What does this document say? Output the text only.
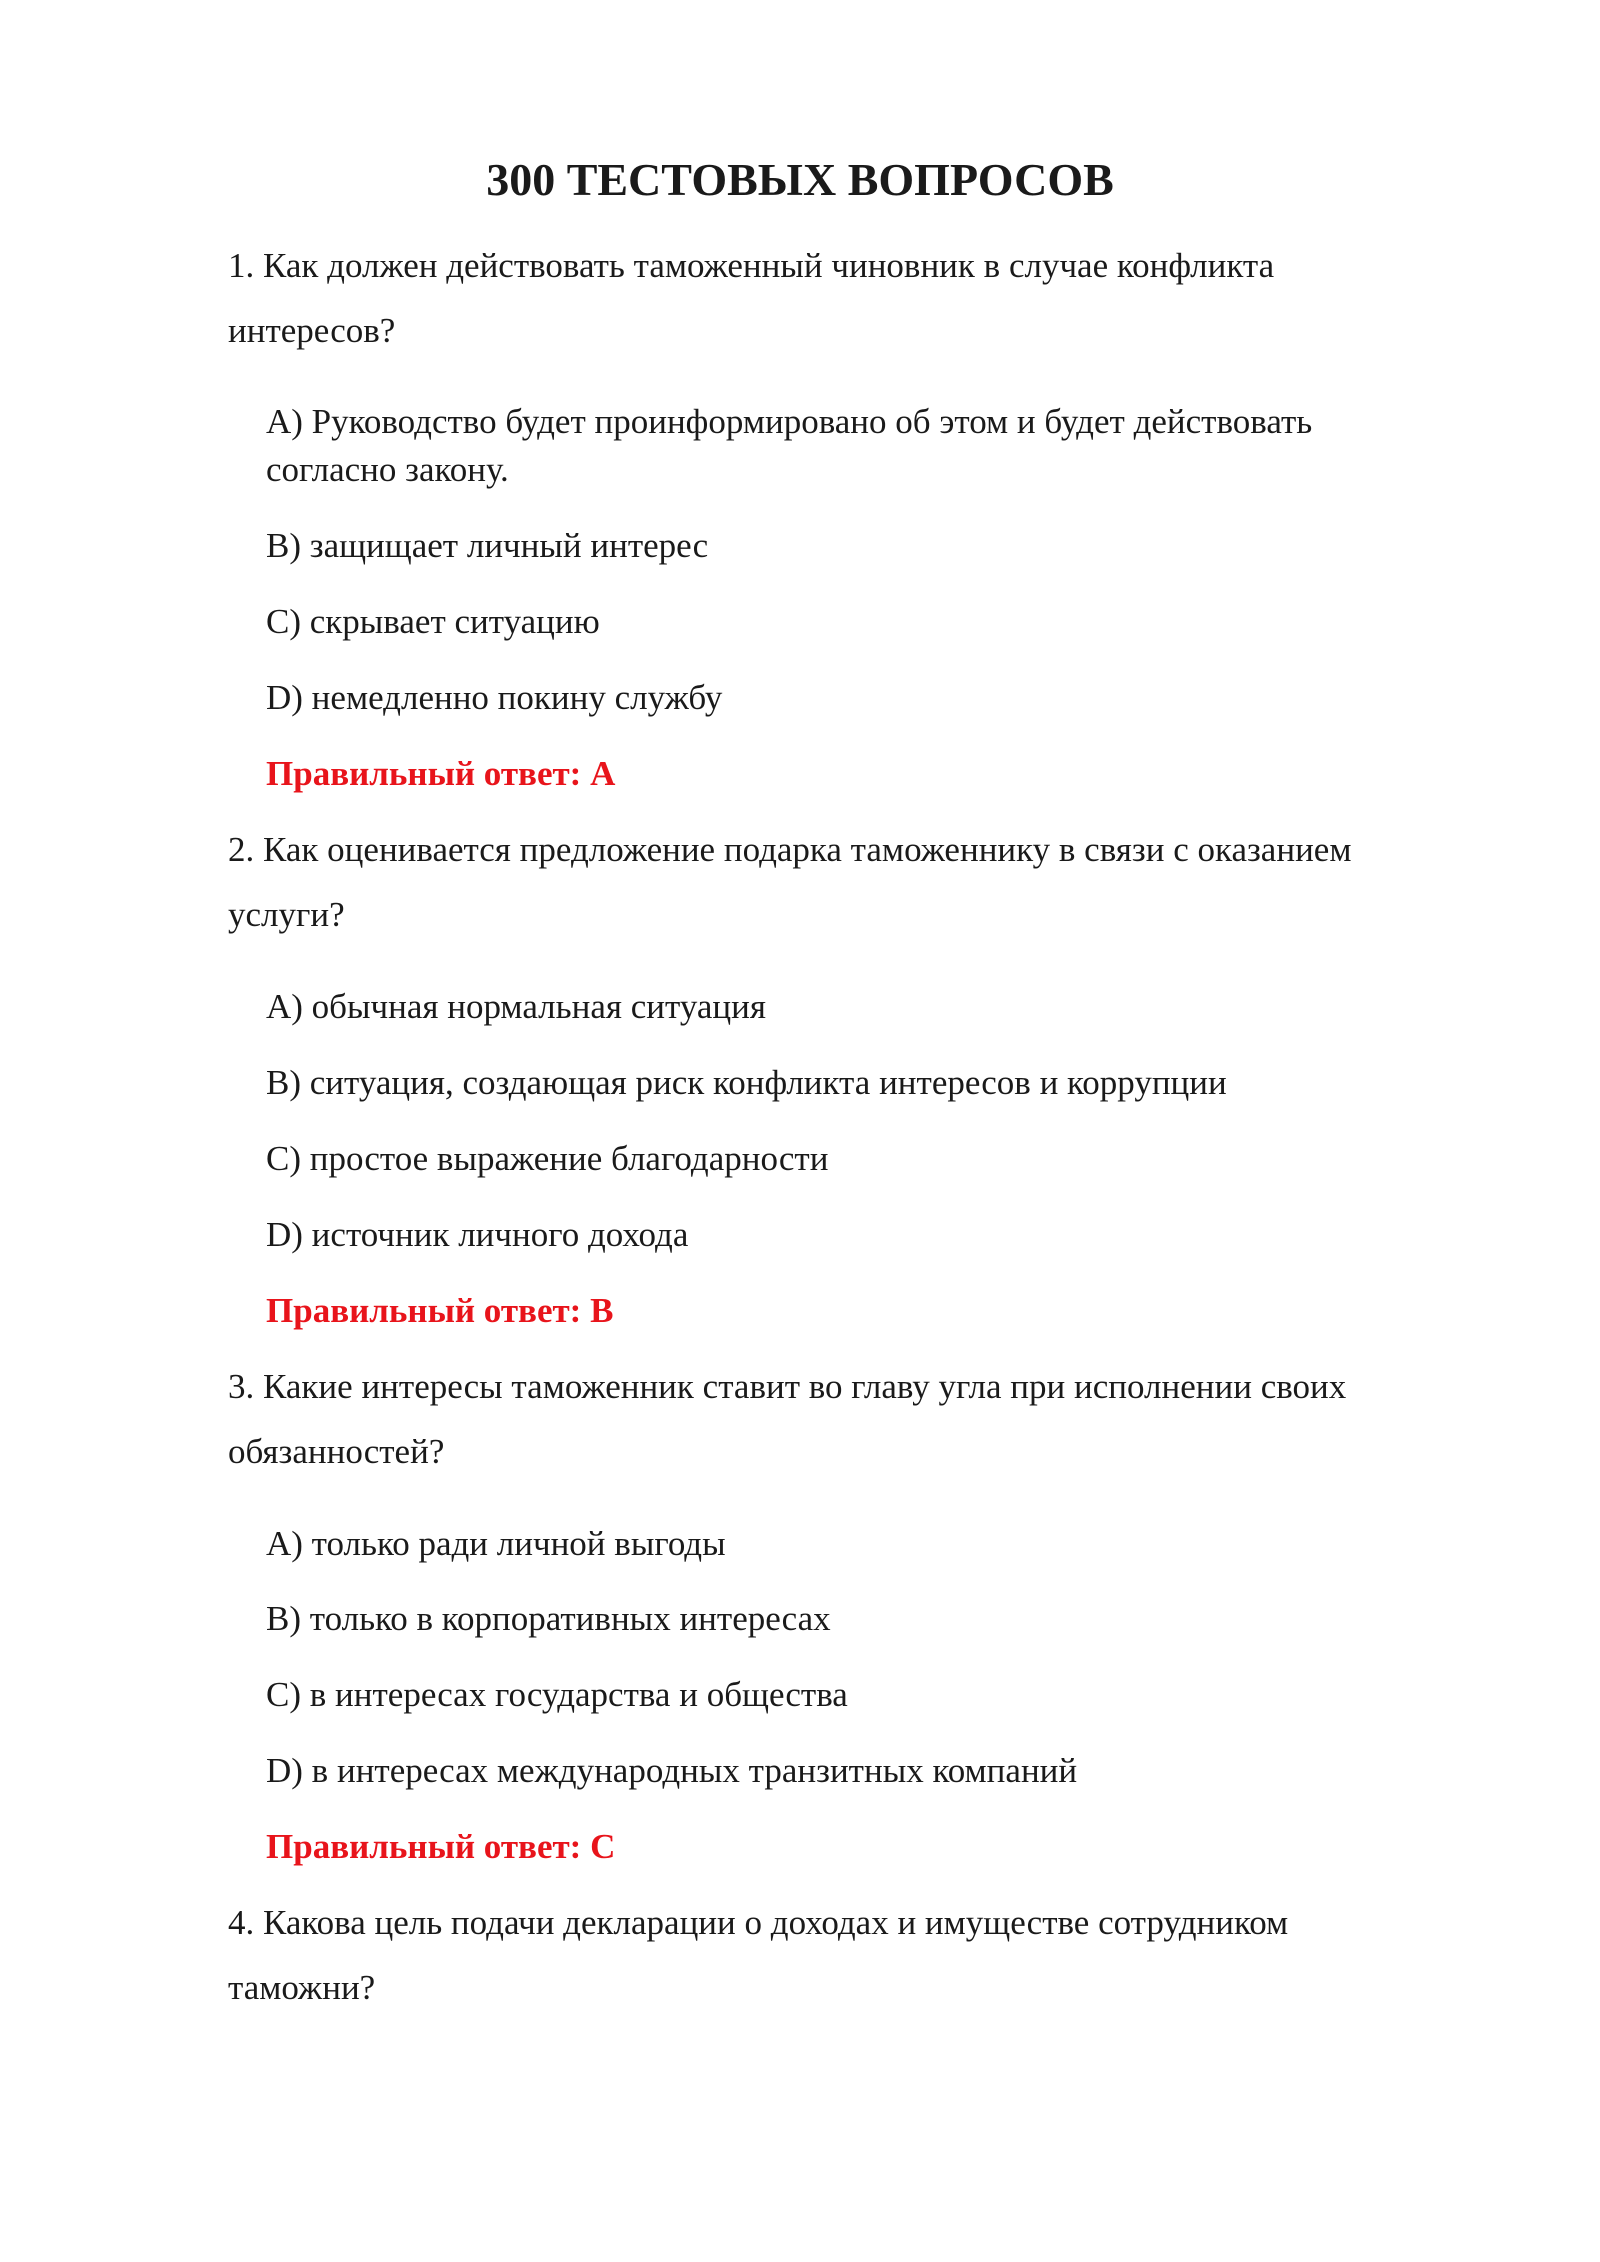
300 ТЕСТОВЫХ ВОПРОСОВ

1. Как должен действовать таможенный чиновник в случае конфликта

интересов?

А) Руководство будет проинформировано об этом и будет действовать

согласно закону.

B) защищает личный интерес

C) скрывает ситуацию

D) немедленно покину службу

Правильный ответ: А

2. Как оценивается предложение подарка таможеннику в связи с оказанием

услуги?

А) обычная нормальная ситуация

B) ситуация, создающая риск конфликта интересов и коррупции

C) простое выражение благодарности

D) источник личного дохода

Правильный ответ: B

3. Какие интересы таможенник ставит во главу угла при исполнении своих

обязанностей?

А) только ради личной выгоды

B) только в корпоративных интересах

C) в интересах государства и общества

D) в интересах международных транзитных компаний

Правильный ответ: C

4. Какова цель подачи декларации о доходах и имуществе сотрудником

таможни?
